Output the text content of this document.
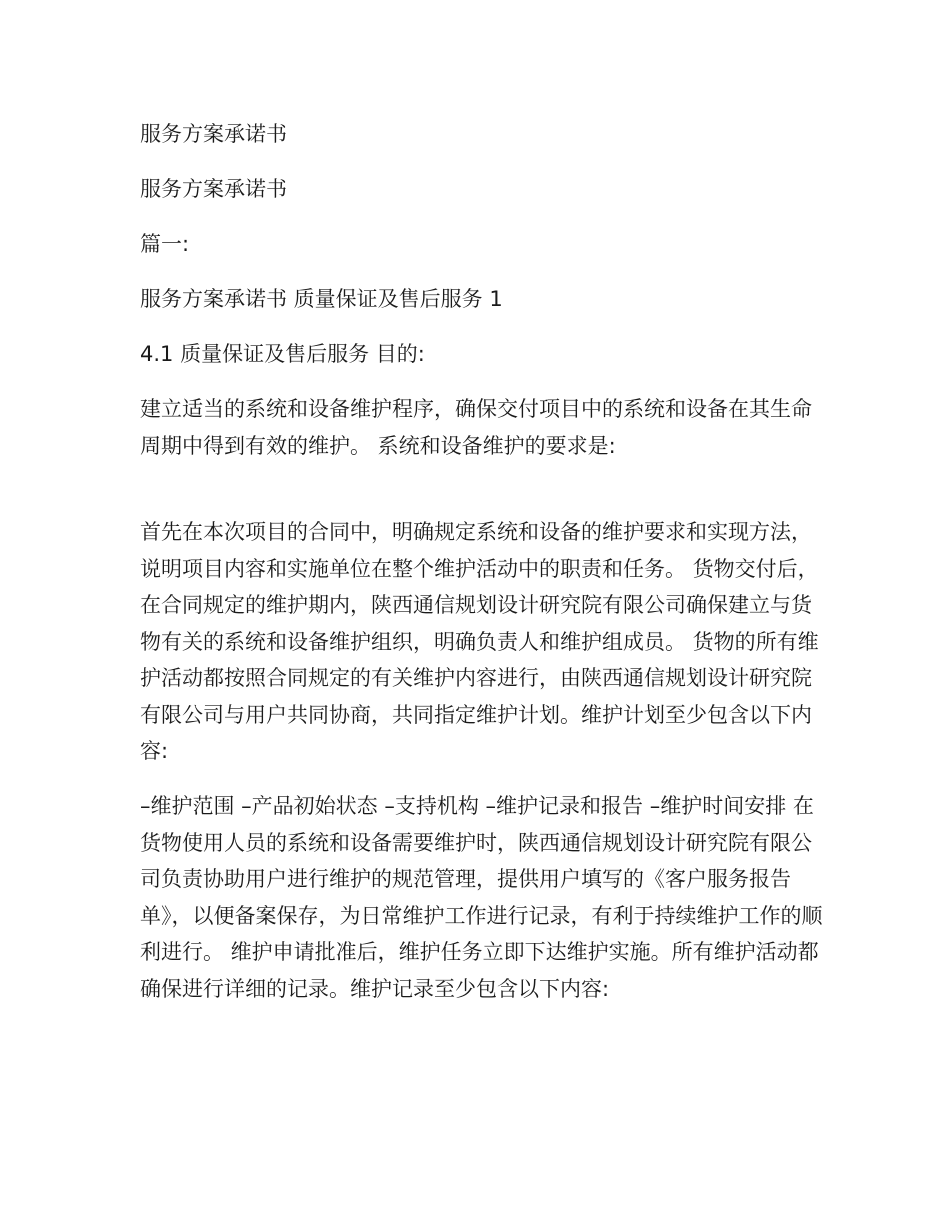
服务方案承诺书

服务方案承诺书

篇一:

服务方案承诺书 质量保证及售后服务 1

4.1 质量保证及售后服务 目的:

建立适当的系统和设备维护程序，确保交付项目中的系统和设备在其生命周期中得到有效的维护。 系统和设备维护的要求是:

首先在本次项目的合同中，明确规定系统和设备的维护要求和实现方法，说明项目内容和实施单位在整个维护活动中的职责和任务。 货物交付后，在合同规定的维护期内，陕西通信规划设计研究院有限公司确保建立与货物有关的系统和设备维护组织，明确负责人和维护组成员。 货物的所有维护活动都按照合同规定的有关维护内容进行，由陕西通信规划设计研究院有限公司与用户共同协商，共同指定维护计划。维护计划至少包含以下内容:

–维护范围 –产品初始状态 –支持机构 –维护记录和报告 –维护时间安排 在货物使用人员的系统和设备需要维护时，陕西通信规划设计研究院有限公司负责协助用户进行维护的规范管理，提供用户填写的《客户服务报告单》，以便备案保存，为日常维护工作进行记录，有利于持续维护工作的顺利进行。 维护申请批准后，维护任务立即下达维护实施。所有维护活动都确保进行详细的记录。维护记录至少包含以下内容:
